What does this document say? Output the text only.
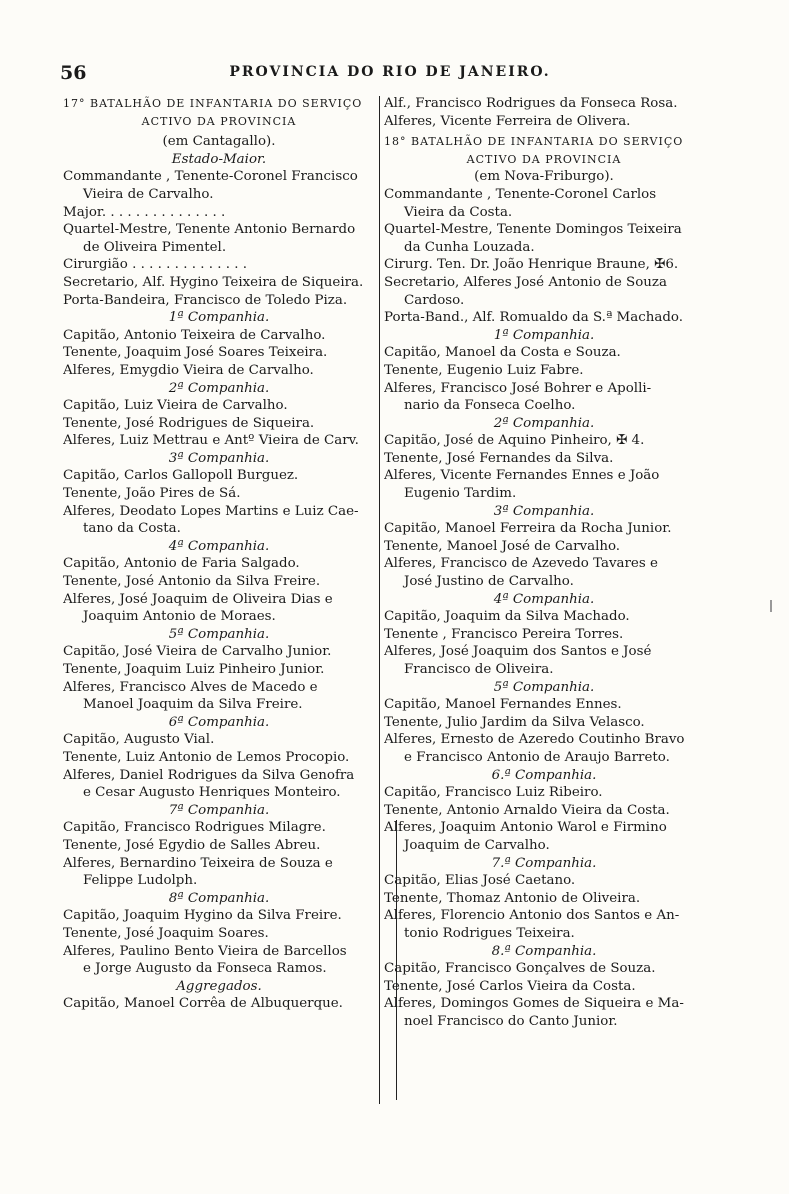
56	PROVINCIA DO RIO DE JANEIRO.

17° BATALHÃO DE INFANTARIA DO SERVIÇO

ACTIVO DA PROVINCIA

(em Cantagallo).

Estado-Maior.

Commandante , Tenente-Coronel Francisco

Vieira de Carvalho.

Major. . . . . . . . . . . . . . .

Quartel-Mestre, Tenente Antonio Bernardo

de Oliveira Pimentel.

Cirurgião . . . . . . . . . . . . . .

Secretario, Alf. Hygino Teixeira de Siqueira.

Porta-Bandeira, Francisco de Toledo Piza.

1ª Companhia.

Capitão, Antonio Teixeira de Carvalho.

Tenente, Joaquim José Soares Teixeira.

Alferes, Emygdio Vieira de Carvalho.

2ª Companhia.

Capitão, Luiz Vieira de Carvalho.

Tenente, José Rodrigues de Siqueira.

Alferes, Luiz Mettrau e Antº Vieira de Carv.

3ª Companhia.

Capitão, Carlos Gallopoll Burguez.

Tenente, João Pires de Sá.

Alferes, Deodato Lopes Martins e Luiz Cae-

tano da Costa.

4ª Companhia.

Capitão, Antonio de Faria Salgado.

Tenente, José Antonio da Silva Freire.

Alferes, José Joaquim de Oliveira Dias e

Joaquim Antonio de Moraes.

5ª Companhia.

Capitão, José Vieira de Carvalho Junior.

Tenente, Joaquim Luiz Pinheiro Junior.

Alferes, Francisco Alves de Macedo e

Manoel Joaquim da Silva Freire.

6ª Companhia.

Capitão, Augusto Vial.

Tenente, Luiz Antonio de Lemos Procopio.

Alferes, Daniel Rodrigues da Silva Genofra

e Cesar Augusto Henriques Monteiro.

7ª Companhia.

Capitão, Francisco Rodrigues Milagre.

Tenente, José Egydio de Salles Abreu.

Alferes, Bernardino Teixeira de Souza e

Felippe Ludolph.

8ª Companhia.

Capitão, Joaquim Hygino da Silva Freire.

Tenente, José Joaquim Soares.

Alferes, Paulino Bento Vieira de Barcellos

e Jorge Augusto da Fonseca Ramos.

Aggregados.

Capitão, Manoel Corrêa de Albuquerque.

Alf., Francisco Rodrigues da Fonseca Rosa.

Alferes, Vicente Ferreira de Olivera.

18° BATALHÃO DE INFANTARIA DO SERVIÇO

ACTIVO DA PROVINCIA

(em Nova-Friburgo).

Commandante , Tenente-Coronel Carlos

Vieira da Costa.

Quartel-Mestre, Tenente Domingos Teixeira

da Cunha Louzada.

Cirurg. Ten. Dr. João Henrique Braune, ✠6.

Secretario, Alferes José Antonio de Souza

Cardoso.

Porta-Band., Alf. Romualdo da S.ª Machado.

1ª Companhia.

Capitão, Manoel da Costa e Souza.

Tenente, Eugenio Luiz Fabre.

Alferes, Francisco José Bohrer e Apolli-

nario da Fonseca Coelho.

2ª Companhia.

Capitão, José de Aquino Pinheiro, ✠ 4.

Tenente, José Fernandes da Silva.

Alferes, Vicente Fernandes Ennes e João

Eugenio Tardim.

3ª Companhia.

Capitão, Manoel Ferreira da Rocha Junior.

Tenente, Manoel José de Carvalho.

Alferes, Francisco de Azevedo Tavares e

José Justino de Carvalho.

4ª Companhia.

Capitão, Joaquim da Silva Machado.

Tenente , Francisco Pereira Torres.

Alferes, José Joaquim dos Santos e José

Francisco de Oliveira.

5ª Companhia.

Capitão, Manoel Fernandes Ennes.

Tenente, Julio Jardim da Silva Velasco.

Alferes, Ernesto de Azeredo Coutinho Bravo

e Francisco Antonio de Araujo Barreto.

6.ª Companhia.

Capitão, Francisco Luiz Ribeiro.

Tenente, Antonio Arnaldo Vieira da Costa.

Alferes, Joaquim Antonio Warol e Firmino

Joaquim de Carvalho.

7.ª Companhia.

Capitão, Elias José Caetano.

Tenente, Thomaz Antonio de Oliveira.

Alferes, Florencio Antonio dos Santos e An-

tonio Rodrigues Teixeira.

8.ª Companhia.

Capitão, Francisco Gonçalves de Souza.

Tenente, José Carlos Vieira da Costa.

Alferes, Domingos Gomes de Siqueira e Ma-

noel Francisco do Canto Junior.
